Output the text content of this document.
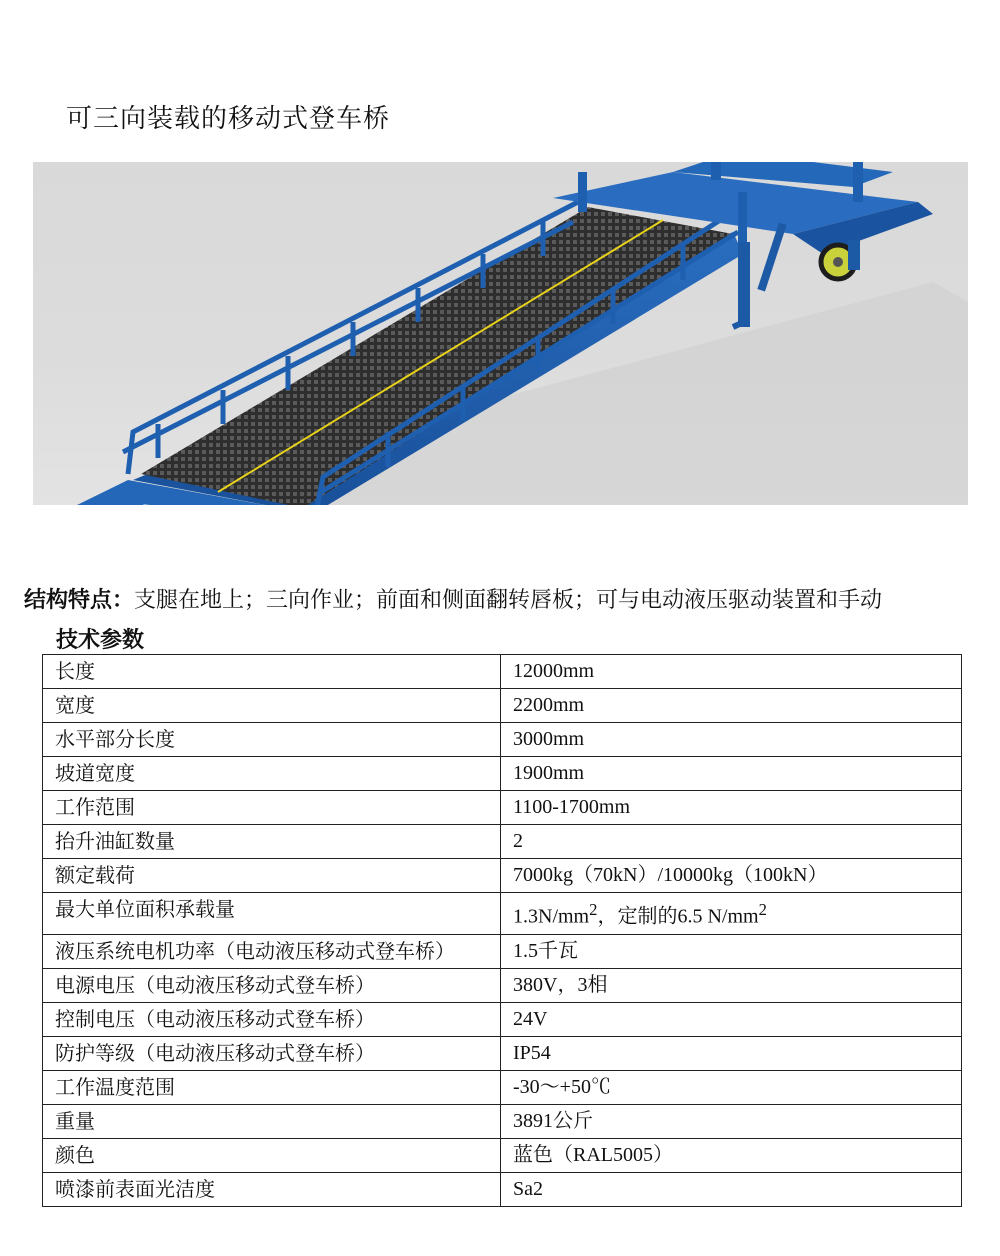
可三向装载的移动式登车桥
结构特点：支腿在地上；三向作业；前面和侧面翻转唇板；可与电动液压驱动装置和手动
技术参数
长度	12000mm
宽度	2200mm
水平部分长度	3000mm
坡道宽度	1900mm
工作范围	1100-1700mm
抬升油缸数量	2
额定载荷	7000kg（70kN）/10000kg（100kN）
最大单位面积承载量	$1.3N/mm^2$，定制的6.5 $N/mm^2$
液压系统电机功率（电动液压移动式登车桥）	1.5千瓦
电源电压（电动液压移动式登车桥）	380V，3相
控制电压（电动液压移动式登车桥）	24V
防护等级（电动液压移动式登车桥）	IP54
工作温度范围	-30～+50℃
重量	3891公斤
颜色	蓝色（RAL5005）
喷漆前表面光洁度	Sa2
